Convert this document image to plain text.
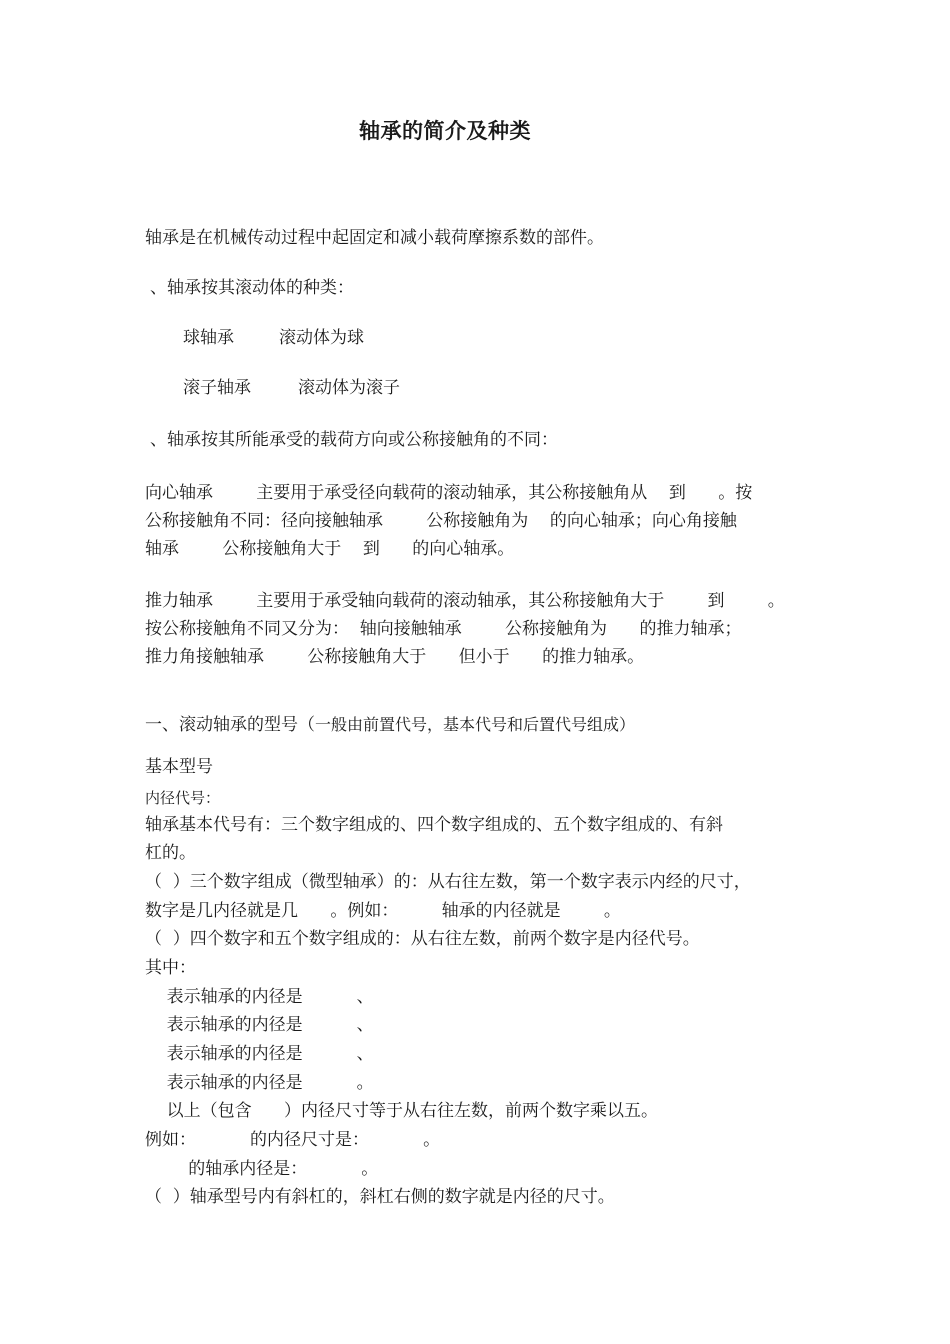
轴承的简介及种类
轴承是在机械传动过程中起固定和减小载荷摩擦系数的部件。
、轴承按其滚动体的种类：
球轴承	滚动体为球
滚子轴承	滚动体为滚子
、轴承按其所能承受的载荷方向或公称接触角的不同：
向心轴承        主要用于承受径向载荷的滚动轴承，其公称接触角从    到      。按
公称接触角不同：径向接触轴承        公称接触角为    的向心轴承；向心角接触
轴承        公称接触角大于    到      的向心轴承。
推力轴承        主要用于承受轴向载荷的滚动轴承，其公称接触角大于        到        。
按公称接触角不同又分为：  轴向接触轴承        公称接触角为      的推力轴承；
推力角接触轴承        公称接触角大于      但小于      的推力轴承。
一、滚动轴承的型号（一般由前置代号，基本代号和后置代号组成）
基本型号
内径代号：
轴承基本代号有：三个数字组成的、四个数字组成的、五个数字组成的、有斜
杠的。
（  ）三个数字组成（微型轴承）的：从右往左数，第一个数字表示内经的尺寸，
数字是几内径就是几      。例如：        轴承的内径就是        。
（  ）四个数字和五个数字组成的：从右往左数，前两个数字是内径代号。
其中：
表示轴承的内径是          、
表示轴承的内径是          、
表示轴承的内径是          、
表示轴承的内径是          。
以上（包含      ）内径尺寸等于从右往左数，前两个数字乘以五。
例如：          的内径尺寸是：          。
的轴承内径是：          。
（  ）轴承型号内有斜杠的，斜杠右侧的数字就是内径的尺寸。
